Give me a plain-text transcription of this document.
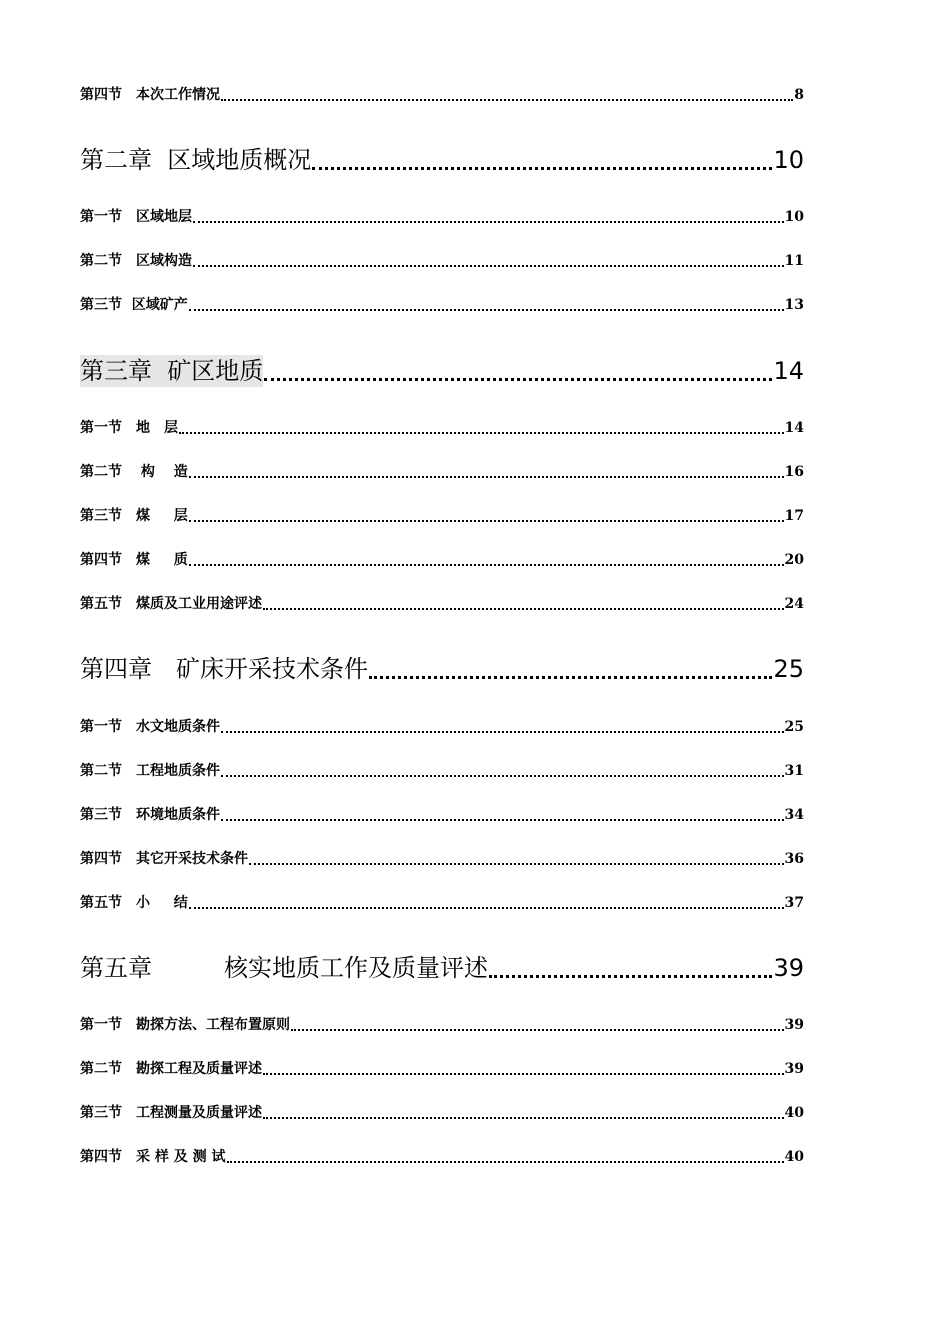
第四节　本次工作情况	8
第二章  区域地质概况	10
第一节　区域地层	10
第二节　区域构造	11
第三节  区域矿产	13
第三章  矿区地质	14
第一节　地　层	14
第二节　 构　 造	16
第三节　煤　  层	17
第四节　煤　  质	20
第五节　煤质及工业用途评述	24
第四章　矿床开采技术条件	25
第一节　水文地质条件	25
第二节　工程地质条件	31
第三节　环境地质条件	34
第四节　其它开采技术条件	36
第五节　小　  结	37
第五章　　　核实地质工作及质量评述	39
第一节　勘探方法、工程布置原则	39
第二节　勘探工程及质量评述	39
第三节　工程测量及质量评述	40
第四节　采 样 及 测 试	40
